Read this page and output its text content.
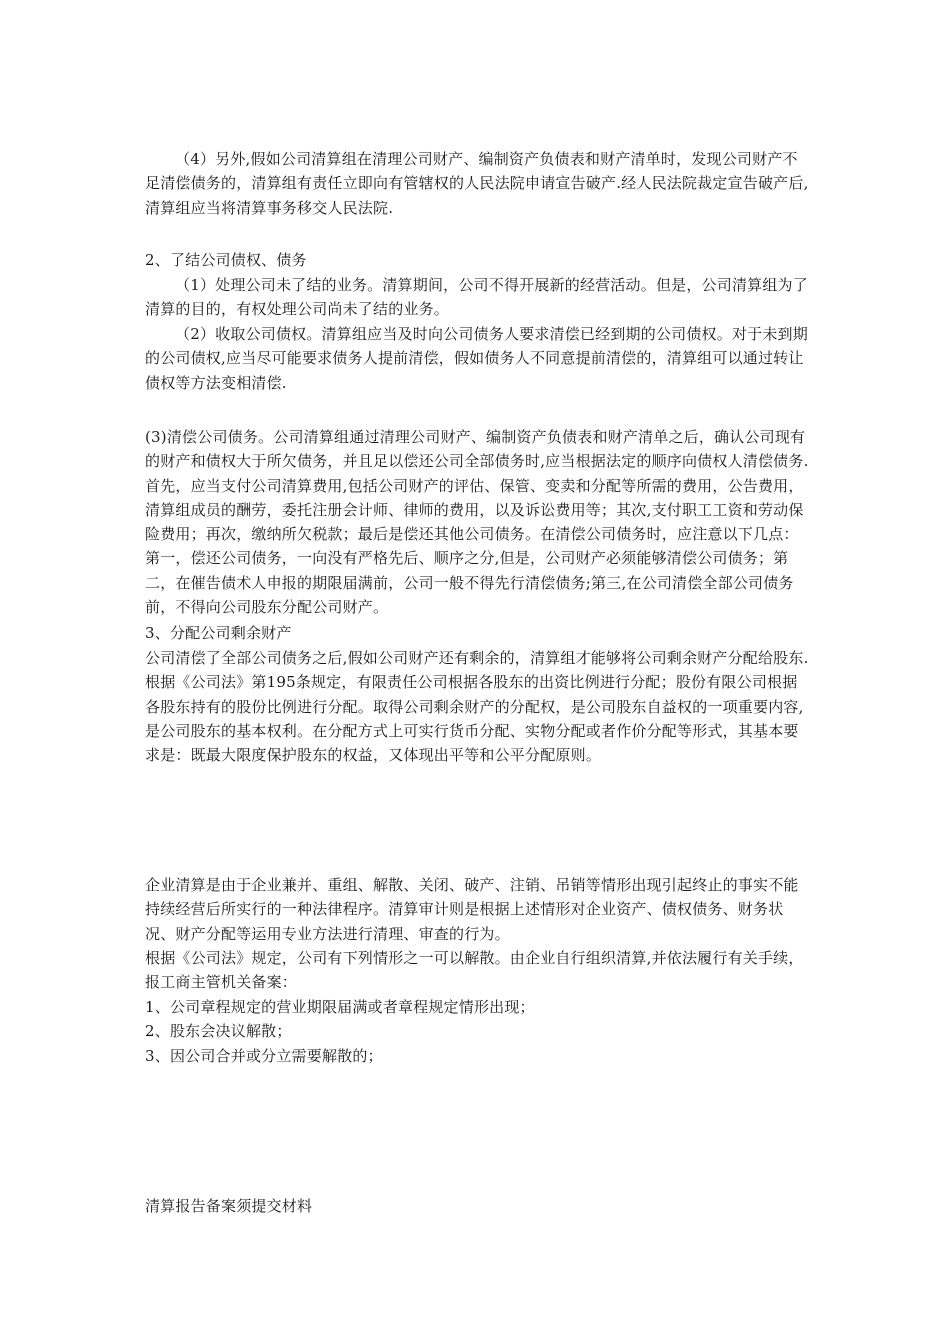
（4）另外,假如公司清算组在清理公司财产、编制资产负债表和财产清单时，发现公司财产不足清偿债务的，清算组有责任立即向有管辖权的人民法院申请宣告破产.经人民法院裁定宣告破产后,清算组应当将清算事务移交人民法院.

2、了结公司债权、债务

（1）处理公司未了结的业务。清算期间，公司不得开展新的经营活动。但是，公司清算组为了清算的目的，有权处理公司尚未了结的业务。

（2）收取公司债权。清算组应当及时向公司债务人要求清偿已经到期的公司债权。对于未到期的公司债权,应当尽可能要求债务人提前清偿，假如债务人不同意提前清偿的，清算组可以通过转让债权等方法变相清偿.

(3)清偿公司债务。公司清算组通过清理公司财产、编制资产负债表和财产清单之后，确认公司现有的财产和债权大于所欠债务，并且足以偿还公司全部债务时,应当根据法定的顺序向债权人清偿债务.首先，应当支付公司清算费用,包括公司财产的评估、保管、变卖和分配等所需的费用，公告费用，清算组成员的酬劳，委托注册会计师、律师的费用，以及诉讼费用等；其次,支付职工工资和劳动保险费用；再次，缴纳所欠税款；最后是偿还其他公司债务。在清偿公司债务时，应注意以下几点：第一，偿还公司债务，一向没有严格先后、顺序之分,但是，公司财产必须能够清偿公司债务；第二，在催告债术人申报的期限届满前，公司一般不得先行清偿债务;第三,在公司清偿全部公司债务前，不得向公司股东分配公司财产。

3、分配公司剩余财产

公司清偿了全部公司债务之后,假如公司财产还有剩余的，清算组才能够将公司剩余财产分配给股东.根据《公司法》第195条规定，有限责任公司根据各股东的出资比例进行分配；股份有限公司根据各股东持有的股份比例进行分配。取得公司剩余财产的分配权，是公司股东自益权的一项重要内容,是公司股东的基本权利。在分配方式上可实行货币分配、实物分配或者作价分配等形式，其基本要求是：既最大限度保护股东的权益，又体现出平等和公平分配原则。

企业清算是由于企业兼并、重组、解散、关闭、破产、注销、吊销等情形出现引起终止的事实不能持续经营后所实行的一种法律程序。清算审计则是根据上述情形对企业资产、债权债务、财务状况、财产分配等运用专业方法进行清理、审查的行为。

根据《公司法》规定，公司有下列情形之一可以解散。由企业自行组织清算,并依法履行有关手续，报工商主管机关备案：

1、公司章程规定的营业期限届满或者章程规定情形出现；

2、股东会决议解散；

3、因公司合并或分立需要解散的；

清算报告备案须提交材料
